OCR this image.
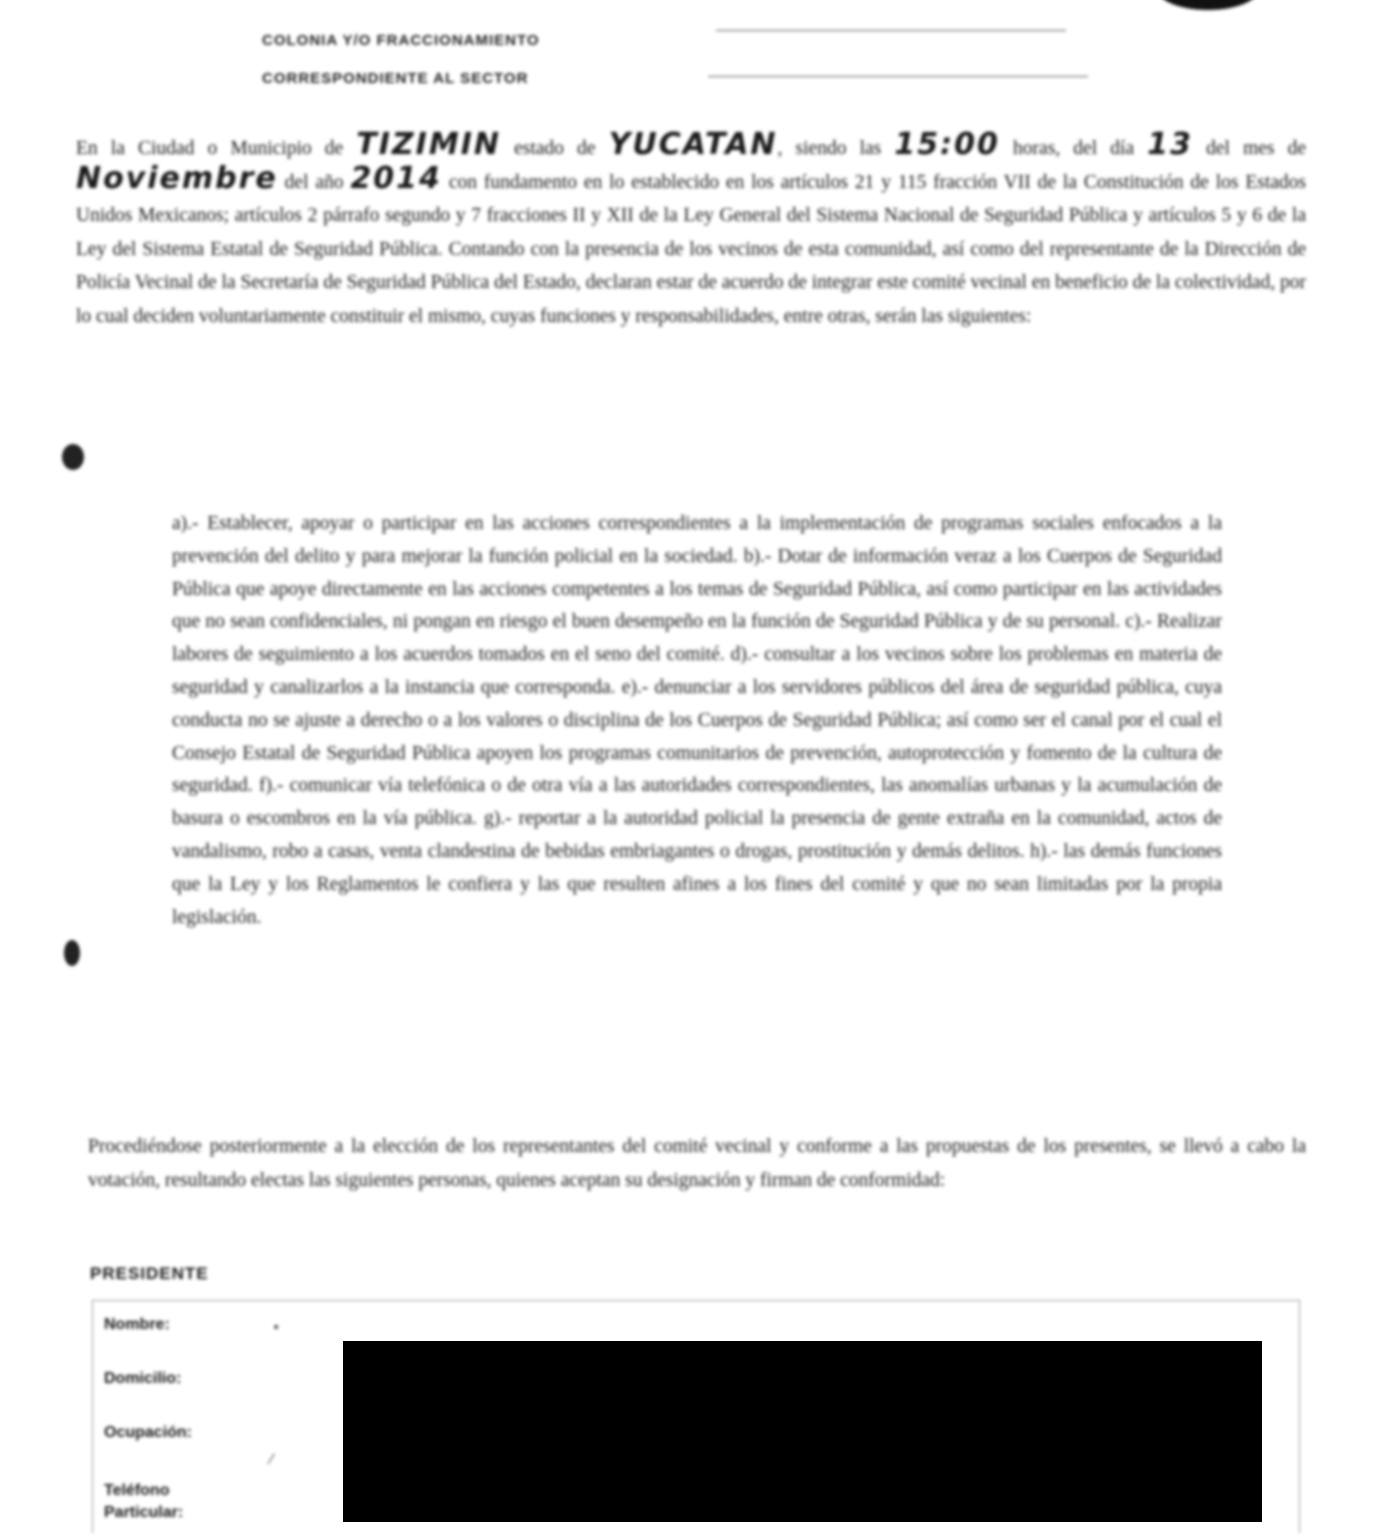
COLONIA Y/O FRACCIONAMIENTO
CORRESPONDIENTE AL SECTOR
En la Ciudad o Municipio de TIZIMIN estado de YUCATAN, siendo las 15:00 horas, del día 13 del mes de Noviembre del año 2014 con fundamento en lo establecido en los artículos 21 y 115 fracción VII de la Constitución de los Estados Unidos Mexicanos; artículos 2 párrafo segundo y 7 fracciones II y XII de la Ley General del Sistema Nacional de Seguridad Pública y artículos 5 y 6 de la Ley del Sistema Estatal de Seguridad Pública. Contando con la presencia de los vecinos de esta comunidad, así como del representante de la Dirección de Policía Vecinal de la Secretaría de Seguridad Pública del Estado, declaran estar de acuerdo de integrar este comité vecinal en beneficio de la colectividad, por lo cual deciden voluntariamente constituir el mismo, cuyas funciones y responsabilidades, entre otras, serán las siguientes:
a).- Establecer, apoyar o participar en las acciones correspondientes a la implementación de programas sociales enfocados a la prevención del delito y para mejorar la función policial en la sociedad. b).- Dotar de información veraz a los Cuerpos de Seguridad Pública que apoye directamente en las acciones competentes a los temas de Seguridad Pública, así como participar en las actividades que no sean confidenciales, ni pongan en riesgo el buen desempeño en la función de Seguridad Pública y de su personal. c).- Realizar labores de seguimiento a los acuerdos tomados en el seno del comité. d).- consultar a los vecinos sobre los problemas en materia de seguridad y canalizarlos a la instancia que corresponda. e).- denunciar a los servidores públicos del área de seguridad pública, cuya conducta no se ajuste a derecho o a los valores o disciplina de los Cuerpos de Seguridad Pública; así como ser el canal por el cual el Consejo Estatal de Seguridad Pública apoyen los programas comunitarios de prevención, autoprotección y fomento de la cultura de seguridad. f).- comunicar vía telefónica o de otra vía a las autoridades correspondientes, las anomalías urbanas y la acumulación de basura o escombros en la vía pública. g).- reportar a la autoridad policial la presencia de gente extraña en la comunidad, actos de vandalismo, robo a casas, venta clandestina de bebidas embriagantes o drogas, prostitución y demás delitos. h).- las demás funciones que la Ley y los Reglamentos le confiera y las que resulten afines a los fines del comité y que no sean limitadas por la propia legislación.
Procediéndose posteriormente a la elección de los representantes del comité vecinal y conforme a las propuestas de los presentes, se llevó a cabo la votación, resultando electas las siguientes personas, quienes aceptan su designación y firman de conformidad:
PRESIDENTE
Nombre:
Domicilio:
Ocupación:
Teléfono Particular:
•
⁄
